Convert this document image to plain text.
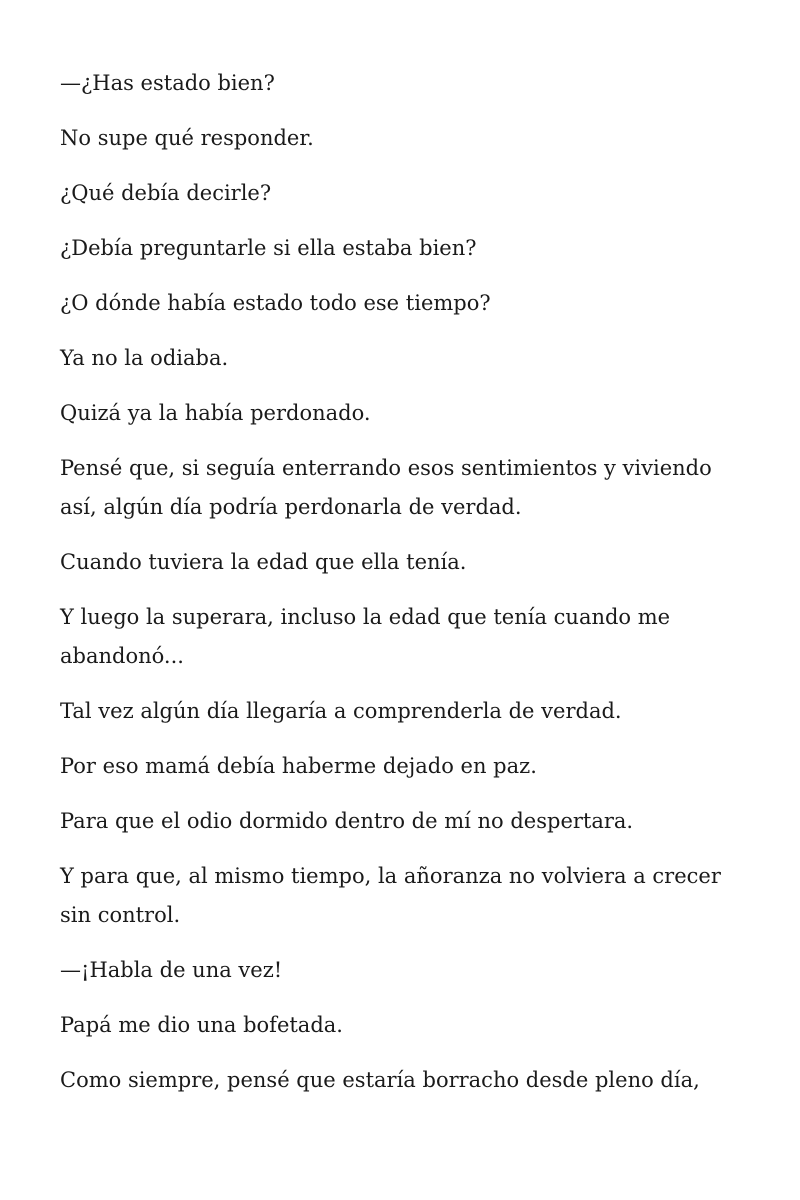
—¿Has estado bien?

No supe qué responder.

¿Qué debía decirle?

¿Debía preguntarle si ella estaba bien?

¿O dónde había estado todo ese tiempo?

Ya no la odiaba.

Quizá ya la había perdonado.

Pensé que, si seguía enterrando esos sentimientos y viviendo así, algún día podría perdonarla de verdad.

Cuando tuviera la edad que ella tenía.

Y luego la superara, incluso la edad que tenía cuando me abandonó...

Tal vez algún día llegaría a comprenderla de verdad.

Por eso mamá debía haberme dejado en paz.

Para que el odio dormido dentro de mí no despertara.

Y para que, al mismo tiempo, la añoranza no volviera a crecer sin control.

—¡Habla de una vez!

Papá me dio una bofetada.

Como siempre, pensé que estaría borracho desde pleno día,
